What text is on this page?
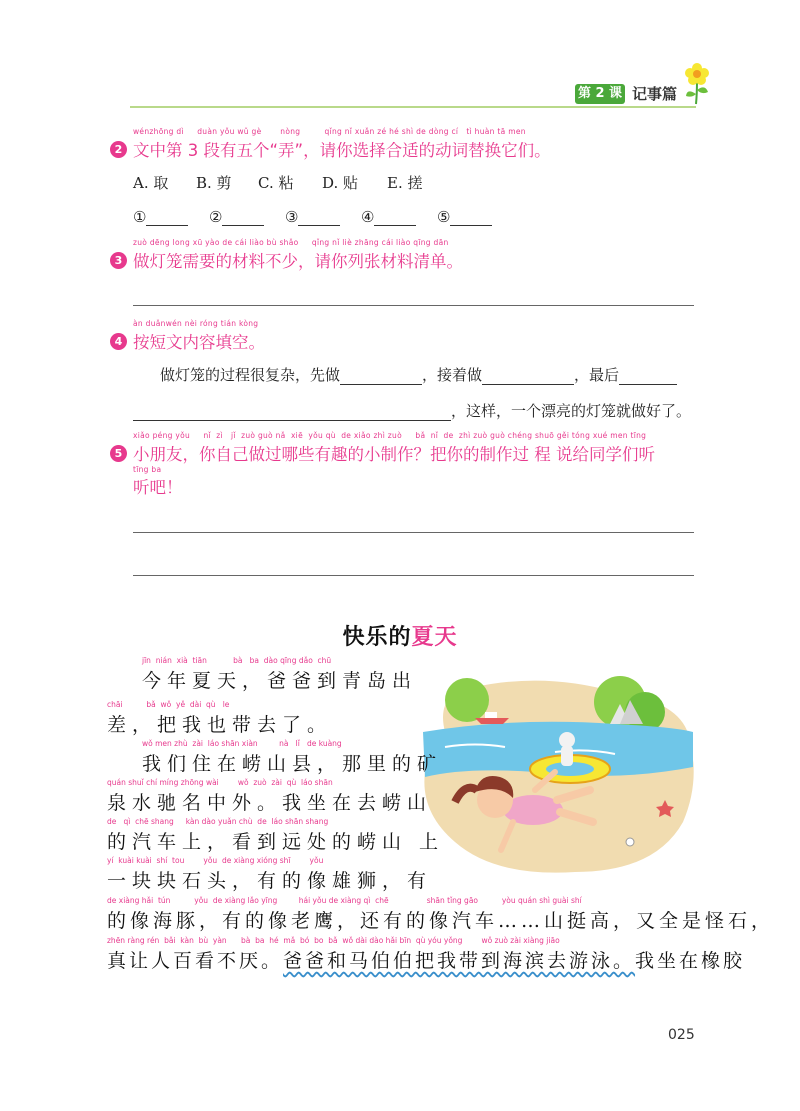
第 2 课 记事篇
wénzhōng dì     duàn yǒu wǔ gè       nòng         qǐng nǐ xuǎn zé hé shì de dòng cí   tì huàn tā men
2 文中第 3 段有五个“弄”，请你选择合适的动词替换它们。
A. 取 B. 剪 C. 粘 D. 贴 E. 搓
①	②	③	④	⑤
zuò dēng long xū yào de cái liào bù shǎo     qǐng nǐ liè zhāng cái liào qīng dān
3 做灯笼需要的材料不少，请你列张材料清单。
àn duǎnwén nèi róng tián kòng
4 按短文内容填空。
做灯笼的过程很复杂，先做	，接着做	，最后
，这样，一个漂亮的灯笼就做好了。
xiǎo péng yǒu     nǐ  zì   jǐ  zuò guò nǎ  xiē  yǒu qù  de xiǎo zhì zuò     bǎ  nǐ  de  zhì zuò guò chéng shuō gěi tóng xué men tīng
5 小朋友，你自己做过哪些有趣的小制作？把你的制作过 程 说给同学们听
tīng ba
听吧！
快乐的夏天
jīn  nián  xià  tiān           bà   ba  dào qīng dǎo  chū
今年夏天，爸爸到青岛出
chāi          bǎ  wǒ  yě  dài  qù   le
差，把我也带去了。
wǒ men zhù  zài  láo shān xiàn         nà   lǐ   de kuàng
我们住在崂山县，那里的矿
quán shuǐ chí míng zhōng wài        wǒ  zuò  zài  qù  láo shān
泉水驰名中外。我坐在去崂山
de   qì  chē shang     kàn dào yuǎn chù  de  láo shān shang
的汽车上，看到远处的崂山 上
yí  kuài kuài  shí  tou        yǒu  de xiàng xióng shī        yǒu
一块块石头，有的像雄狮，有
de xiàng hǎi  tún          yǒu  de xiàng lǎo yīng         hái yǒu de xiàng qì  chē                shān tǐng gāo          yòu quán shì guài shí
的像海豚，有的像老鹰，还有的像汽车……山挺高，又全是怪石，
zhēn ràng rén  bǎi  kàn  bù  yàn      bà  ba  hé  mǎ  bó  bo  bǎ  wǒ dài dào hǎi bīn  qù yóu yǒng        wǒ zuò zài xiàng jiāo
真让人百看不厌。爸爸和马伯伯把我带到海滨去游泳。我坐在橡胶
025
